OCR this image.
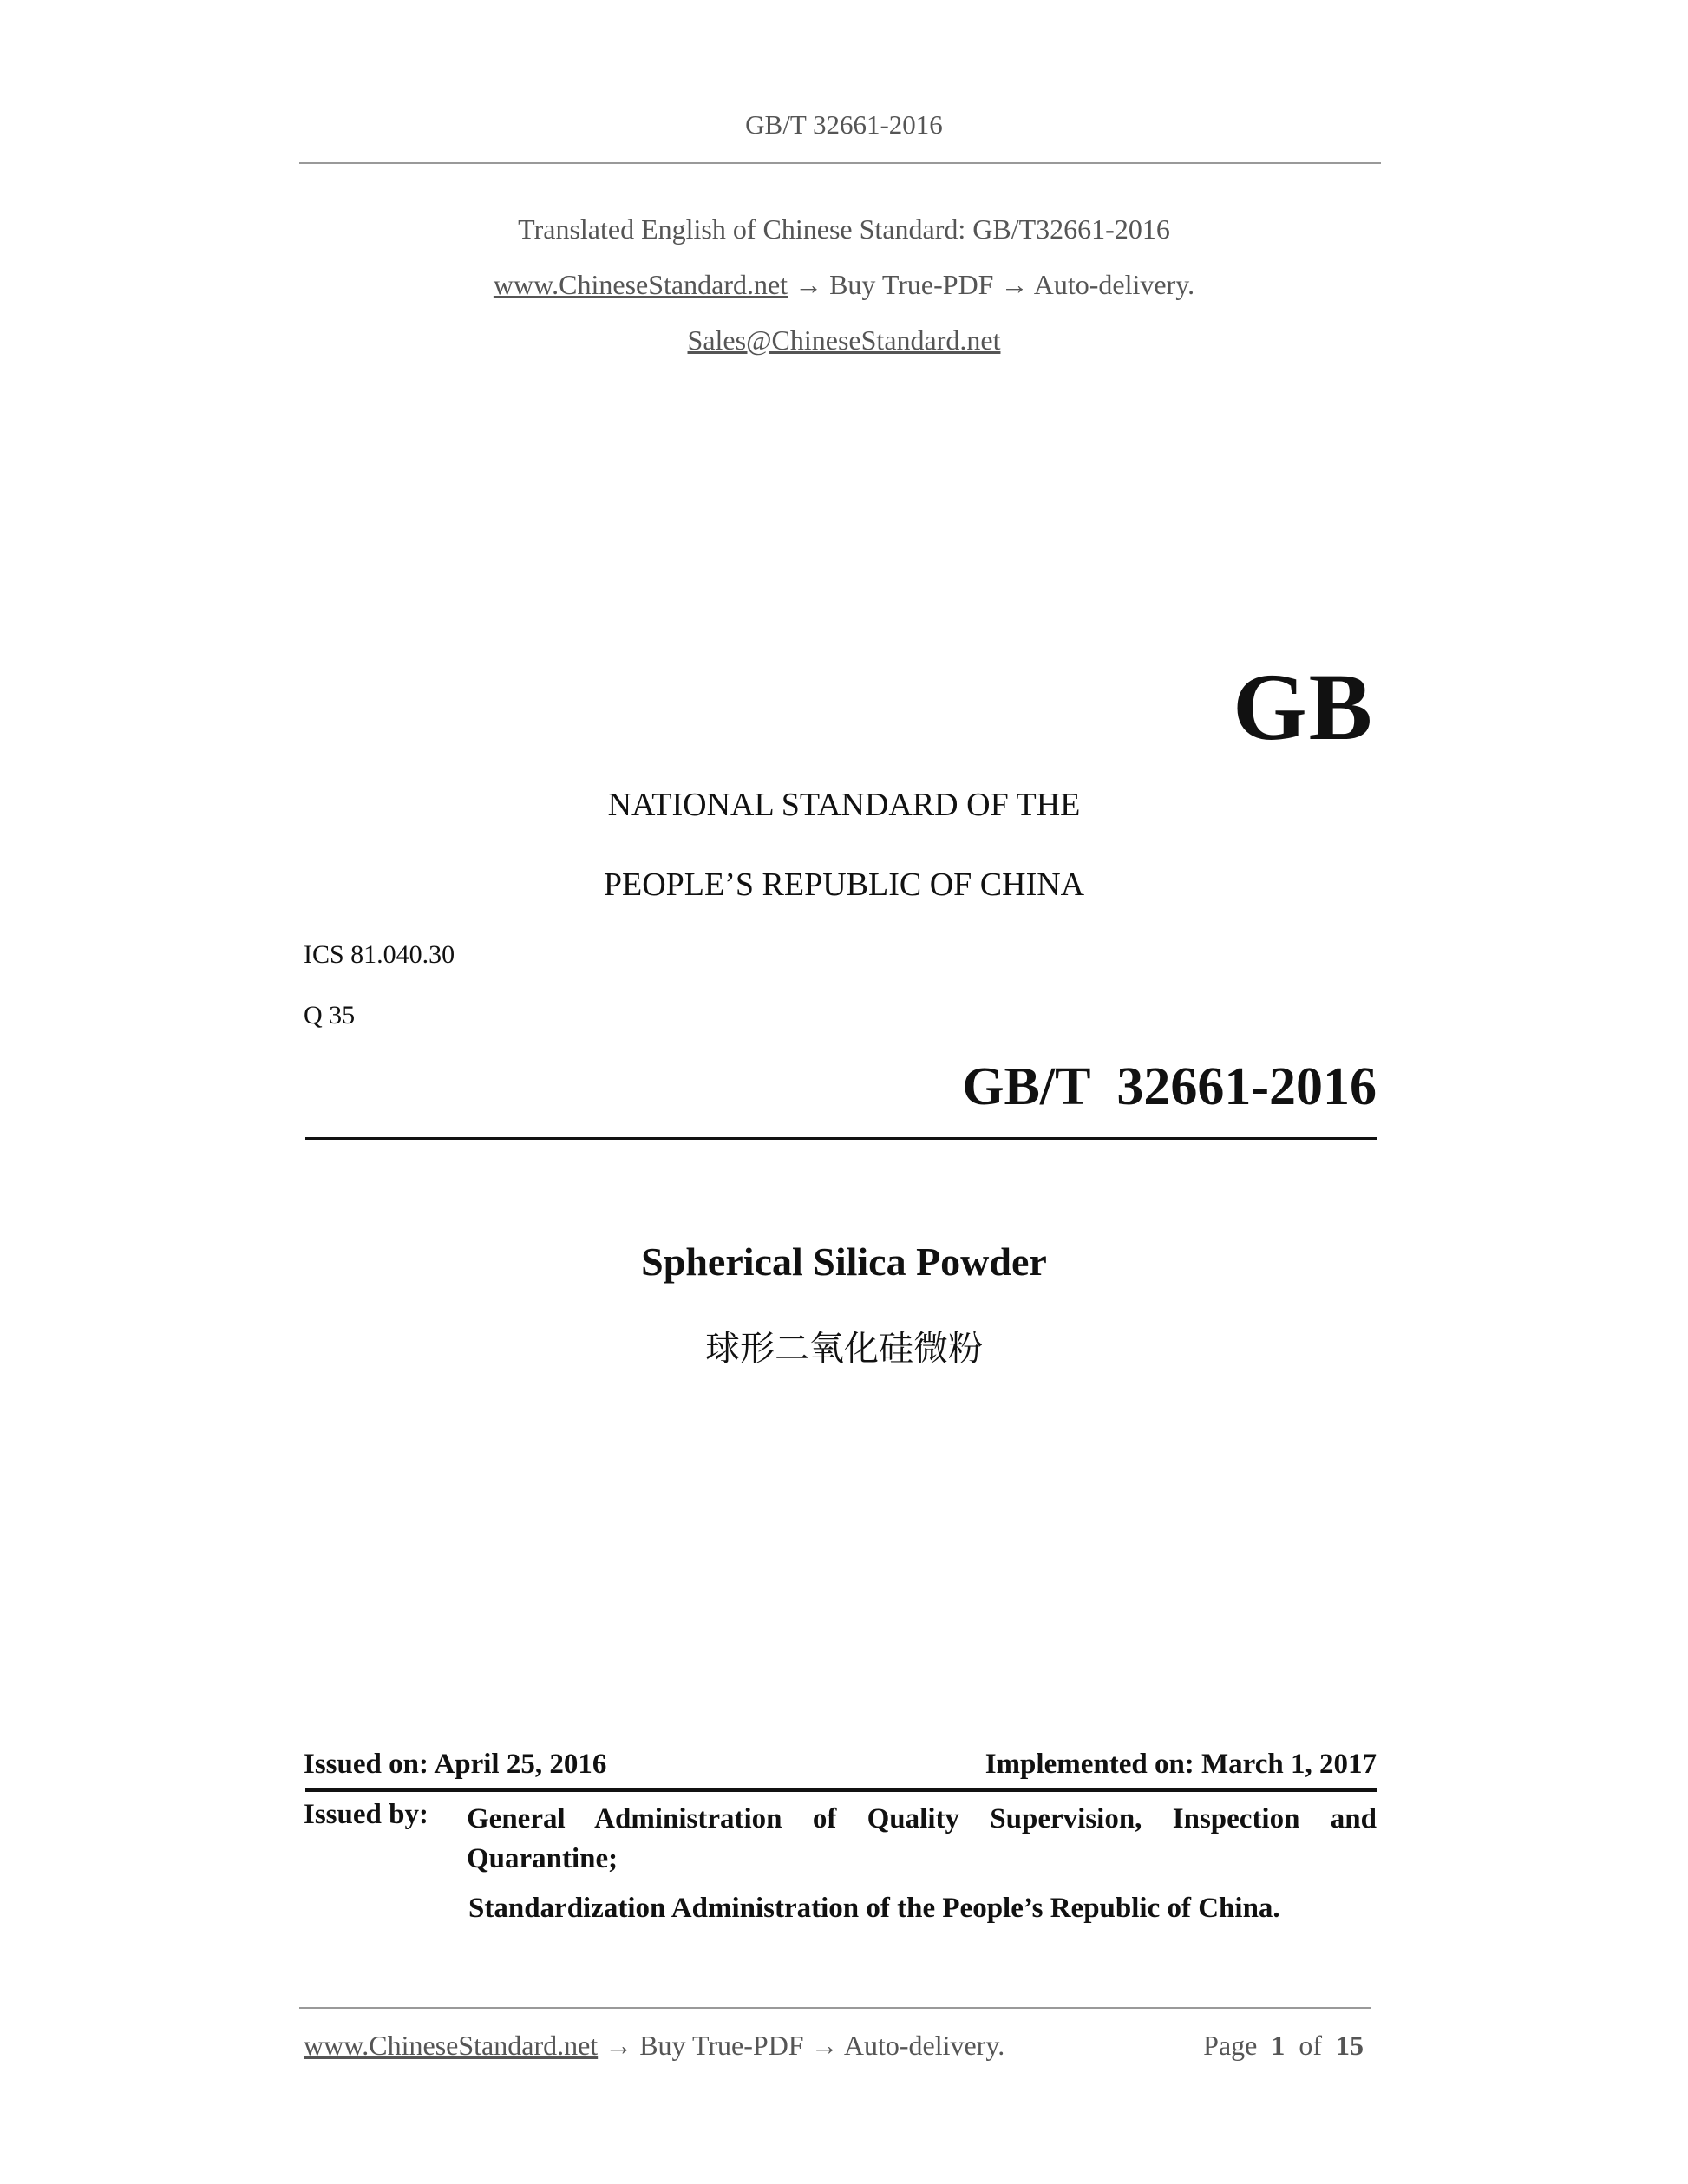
GB/T 32661-2016
Translated English of Chinese Standard: GB/T32661-2016
www.ChineseStandard.net → Buy True-PDF → Auto-delivery.
Sales@ChineseStandard.net
GB
NATIONAL STANDARD OF THE
PEOPLE’S REPUBLIC OF CHINA
ICS 81.040.30
Q 35
GB/T  32661-2016
Spherical Silica Powder
球形二氧化硅微粉
Issued on: April 25, 2016	Implemented on: March 1, 2017
Issued by: General Administration of Quality Supervision, Inspection and Quarantine;
Standardization Administration of the People’s Republic of China.
www.ChineseStandard.net → Buy True-PDF → Auto-delivery.	Page 1 of 15
